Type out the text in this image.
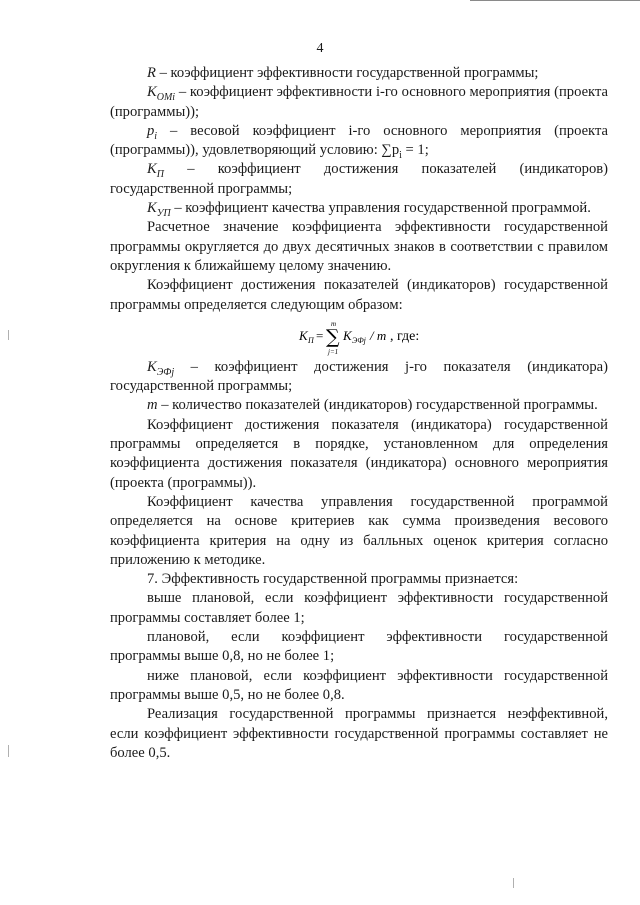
4

R – коэффициент эффективности государственной программы;

$K_{ОMi}$ – коэффициент эффективности i-го основного мероприятия (проекта (программы));

$p_i$ – весовой коэффициент i-го основного мероприятия (проекта (программы)), удовлетворяющий условию: $\sum p_i = 1$;

$K_П$ – коэффициент достижения показателей (индикаторов) государственной программы;

$K_{УП}$ – коэффициент качества управления государственной программой.

Расчетное значение коэффициента эффективности государственной программы округляется до двух десятичных знаков в соответствии с правилом округления к ближайшему целому значению.

Коэффициент достижения показателей (индикаторов) государственной программы определяется следующим образом:

K П =
m
∑
j=1
K ЭФj / m , где:

$K_{ЭФj}$ – коэффициент достижения j-го показателя (индикатора) государственной программы;

m – количество показателей (индикаторов) государственной программы.

Коэффициент достижения показателя (индикатора) государственной программы определяется в порядке, установленном для определения коэффициента достижения показателя (индикатора) основного мероприятия (проекта (программы)).

Коэффициент качества управления государственной программой определяется на основе критериев как сумма произведения весового коэффициента критерия на одну из балльных оценок критерия согласно приложению к методике.

7. Эффективность государственной программы признается:

выше плановой, если коэффициент эффективности государственной программы составляет более 1;

плановой, если коэффициент эффективности государственной программы выше 0,8, но не более 1;

ниже плановой, если коэффициент эффективности государственной программы выше 0,5, но не более 0,8.

Реализация государственной программы признается неэффективной, если коэффициент эффективности государственной программы составляет не более 0,5.
